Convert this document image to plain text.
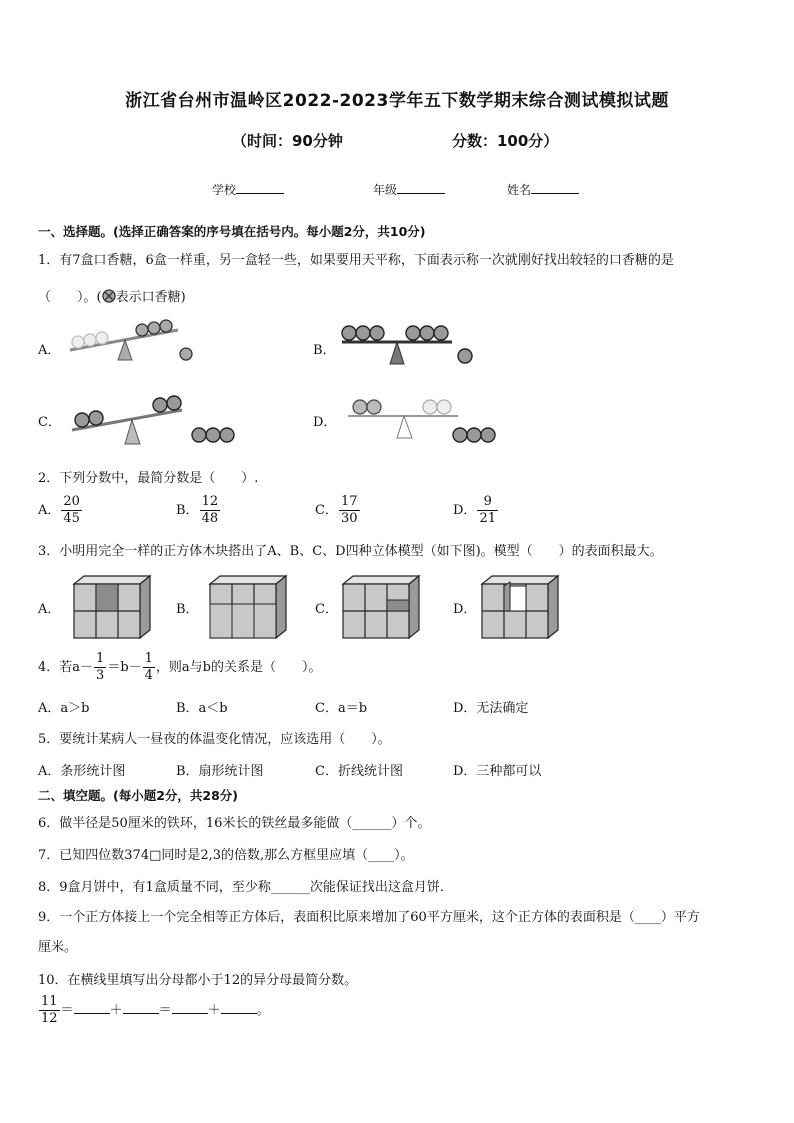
浙江省台州市温岭区2022-2023学年五下数学期末综合测试模拟试题
（时间：90分钟	分数：100分）
学校	年级	姓名
一、选择题。(选择正确答案的序号填在括号内。每小题2分，共10分)
1．有7盒口香糖，6盒一样重，另一盒轻一些，如果要用天平称，下面表示称一次就刚好找出较轻的口香糖的是
（　　）。( 表示口香糖)
A．	B．
C．	D．
2．下列分数中，最简分数是（　　）.
A． $\frac{20}{45}$	B． $\frac{12}{48}$	C． $\frac{17}{30}$	D． $\frac{9}{21}$
3．小明用完全一样的正方体木块搭出了A、B、C、D四种立体模型（如下图)。模型（　　）的表面积最大。
A．	B．	C．	D．
4．若$a- \frac{1}{3} =b- \frac{1}{4}$ ，则a与b的关系是（　　）。
A．a＞b	B．a＜b	C．a＝b	D．无法确定
5．要统计某病人一昼夜的体温变化情况，应该选用（　　）。
A．条形统计图	B．扇形统计图	C．折线统计图	D．三种都可以
二、填空题。(每小题2分，共28分)
6．做半径是50厘米的铁环，16米长的铁丝最多能做（______）个。
7．已知四位数374□同时是2,3的倍数,那么方框里应填（____）。
8．9盒月饼中，有1盒质量不同，至少称______次能保证找出这盒月饼．
9．一个正方体接上一个完全相等正方体后，表面积比原来增加了60平方厘米，这个正方体的表面积是（____）平方
厘米。
10．在横线里填写出分母都小于12的异分母最简分数。
$\frac{11}{12}$ ＝	＋	＝	＋	。
